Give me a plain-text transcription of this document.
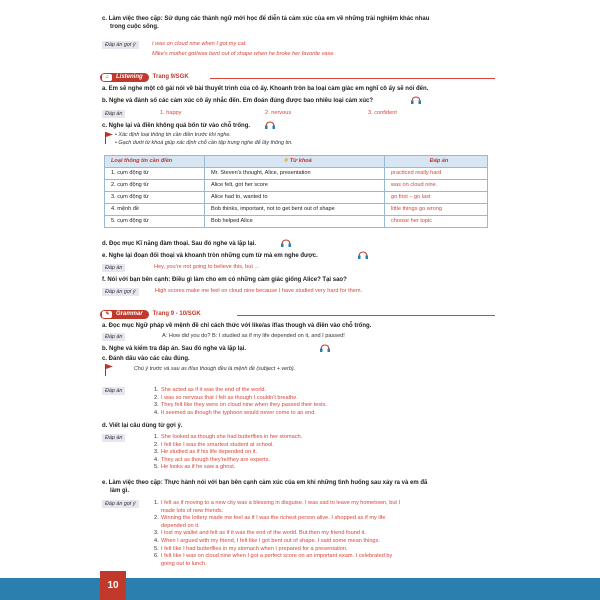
c. Làm việc theo cặp: Sử dụng các thành ngữ mới học để diễn tả cảm xúc của em về những trải nghiệm khác nhau
trong cuộc sống.
Đáp án gợi ý	I was on cloud nine when I got my cat.
Mike's mother got/was bent out of shape when he broke her favorite vase.
♫	Listening	Trang 9/SGK
a. Em sẽ nghe một cô gái nói về bài thuyết trình của cô ấy. Khoanh tròn ba loại cảm giác em nghĩ cô ấy sẽ nói đến.
b. Nghe và đánh số các cảm xúc cô ấy nhắc đến. Em đoán đúng được bao nhiêu loại cảm xúc?
Đáp án	1. happy	2. nervous	3. confident
c. Nghe lại và điền không quá bốn từ vào chỗ trống.
• Xác định loại thông tin cần điền trước khi nghe.
• Gạch dưới từ khoá giúp xác định chỗ cần tập trung nghe để lấy thông tin.
Loại thông tin cần điền	☀ Từ khoá	Đáp án
1. cụm động từ	Mr. Steven's thought, Alice, presentation	practiced really hard
2. cụm động từ	Alice felt, got her score	was on cloud nine.
3. cụm động từ	Alice had to, wanted to	go first – go last
4. mệnh đề	Bob thinks, important, not to get bent out of shape	little things go wrong
5. cụm động từ	Bob helped Alice	choose her topic
d. Đọc mục Kĩ năng đàm thoại. Sau đó nghe và lặp lại.
e. Nghe lại đoạn đối thoại và khoanh tròn những cụm từ mà em nghe được.
Đáp án	Hey, you're not going to believe this, but ...
f. Nói với bạn bên cạnh: Điều gì làm cho em có những cảm giác giống Alice? Tại sao?
Đáp án gợi ý	High scores make me feel on cloud nine because I have studied very hard for them.
✎	Grammar	Trang 9 - 10/SGK
a. Đọc mục Ngữ pháp về mệnh đề chỉ cách thức với like/as if/as though và điền vào chỗ trống.
Đáp án	A: How did you do? B: I studied as if my life depended on it, and I passed!
b. Nghe và kiểm tra đáp án. Sau đó nghe và lặp lại.
c. Đánh dấu vào các câu đúng.
Chú ý trước và sau as if/as though đều là mệnh đề (subject + verb).
Đáp án	1. She acted as if it was the end of the world.
2. I was so nervous that I felt as though I couldn't breathe.
3. They felt like they were on cloud nine when they passed their tests.
4. It seemed as though the typhoon would never come to an end.
d. Viết lại câu dùng từ gợi ý.
Đáp án	1. She looked as though she had butterflies in her stomach.
2. I felt like I was the smartest student at school.
3. He studied as if his life depended on it.
4. They act as though they're/they are experts.
5. He looks as if he saw a ghost.
e. Làm việc theo cặp: Thực hành nói với bạn bên cạnh cảm xúc của em khi những tình huống sau xảy ra và em đã
làm gì.
Đáp án gợi ý	1. I felt as if moving to a new city was a blessing in disguise. I was sad to leave my hometown, but I
made lots of new friends.
2. Winning the lottery made me feel as if I was the richest person alive. I shopped as if my life
depended on it.
3. I lost my wallet and felt as if it was the end of the world. But then my friend found it.
4. When I argued with my friend, I felt like I got bent out of shape. I said some mean things.
5. I felt like I had butterflies in my stomach when I prepared for a presentation.
6. I felt like I was on cloud nine when I got a perfect score on an important exam. I celebrated by
going out to lunch.
10
